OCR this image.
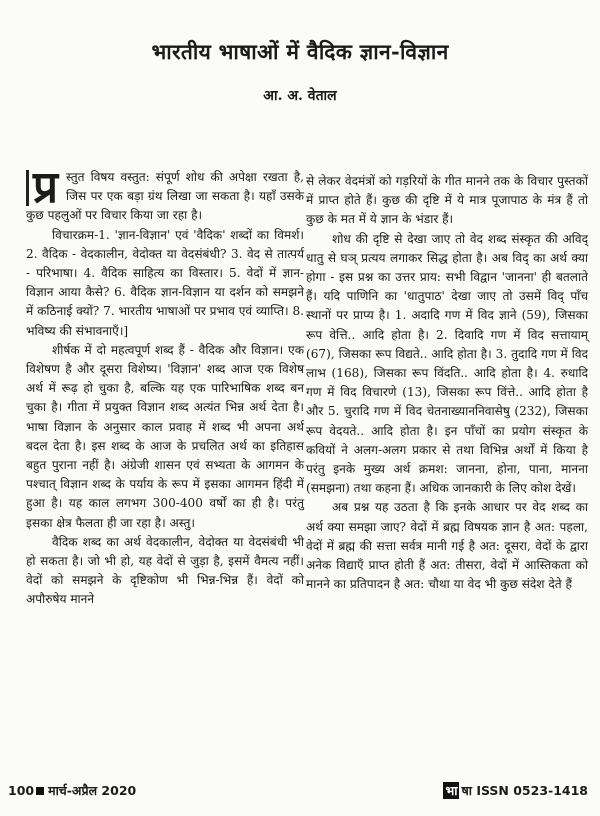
भारतीय भाषाओं में वैदिक ज्ञान-विज्ञान
आ. अ. वेताल

प्र स्तुत विषय वस्तुत: संपूर्ण शोध की अपेक्षा रखता है, जिस पर एक बड़ा ग्रंथ लिखा जा सकता है। यहाँ उसके कुछ पहलुओं पर विचार किया जा रहा है।

विचारक्रम-1. 'ज्ञान-विज्ञान' एवं 'वैदिक' शब्दों का विमर्श। 2. वैदिक - वेदकालीन, वेदोक्त या वेदसंबंधी? 3. वेद से तात्पर्य - परिभाषा। 4. वैदिक साहित्य का विस्तार। 5. वेदों में ज्ञान-विज्ञान आया कैसे? 6. वैदिक ज्ञान-विज्ञान या दर्शन को समझने में कठिनाई क्यों? 7. भारतीय भाषाओं पर प्रभाव एवं व्याप्ति। 8. भविष्य की संभावनाएँ।]

शीर्षक में दो महत्वपूर्ण शब्द हैं - वैदिक और विज्ञान। एक विशेषण है और दूसरा विशेष्य। 'विज्ञान' शब्द आज एक विशेष अर्थ में रूढ़ हो चुका है, बल्कि यह एक पारिभाषिक शब्द बन चुका है। गीता में प्रयुक्त विज्ञान शब्द अत्यंत भिन्न अर्थ देता है। भाषा विज्ञान के अनुसार काल प्रवाह में शब्द भी अपना अर्थ बदल देता है। इस शब्द के आज के प्रचलित अर्थ का इतिहास बहुत पुराना नहीं है। अंग्रेजी शासन एवं सभ्यता के आगमन के पश्चात् विज्ञान शब्द के पर्याय के रूप में इसका आगमन हिंदी में हुआ है। यह काल लगभग 300-400 वर्षों का ही है। परंतु इसका क्षेत्र फैलता ही जा रहा है। अस्तु।

वैदिक शब्द का अर्थ वेदकालीन, वेदोक्त या वेदसंबंधी भी हो सकता है। जो भी हो, यह वेदों से जुड़ा है, इसमें वैमत्य नहीं। वेदों को समझने के दृष्टिकोण भी भिन्न-भिन्न हैं। वेदों को अपौरुषेय मानने

से लेकर वेदमंत्रों को गड़रियों के गीत मानने तक के विचार पुस्तकों में प्राप्त होते हैं। कुछ की दृष्टि में ये मात्र पूजापाठ के मंत्र हैं तो कुछ के मत में ये ज्ञान के भंडार हैं।

शोध की दृष्टि से देखा जाए तो वेद शब्द संस्कृत की अविद् धातु से घञ् प्रत्यय लगाकर सिद्ध होता है। अब विद् का अर्थ क्या होगा - इस प्रश्न का उत्तर प्राय: सभी विद्वान 'जानना' ही बतलाते हैं। यदि पाणिनि का 'धातुपाठ' देखा जाए तो उसमें विद् पाँच स्थानों पर प्राप्य है। 1. अदादि गण में विद ज्ञाने (59), जिसका रूप वेत्ति.. आदि होता है। 2. दिवादि गण में विद सत्तायाम् (67), जिसका रूप विद्यते.. आदि होता है। 3. तुदादि गण में विद लाभ (168), जिसका रूप विंदति.. आदि होता है। 4. रुधादि गण में विद विचारणे (13), जिसका रूप विंत्ते.. आदि होता है और 5. चुरादि गण में विद चेतनाख्याननिवासेषु (232), जिसका रूप वेदयते.. आदि होता है। इन पाँचों का प्रयोग संस्कृत के कवियों ने अलग-अलग प्रकार से तथा विभिन्न अर्थों में किया है परंतु इनके मुख्य अर्थ क्रमश: जानना, होना, पाना, मानना (समझना) तथा कहना हैं। अधिक जानकारी के लिए कोश देखें।

अब प्रश्न यह उठता है कि इनके आधार पर वेद शब्द का अर्थ क्या समझा जाए? वेदों में ब्रह्म विषयक ज्ञान है अत: पहला, वेदों में ब्रह्म की सत्ता सर्वत्र मानी गई है अत: दूसरा, वेदों के द्वारा अनेक विद्याएँ प्राप्त होती हैं अत: तीसरा, वेदों में आस्तिकता को मानने का प्रतिपादन है अत: चौथा या वेद भी कुछ संदेश देते हैं

100 मार्च-अप्रैल 2020	भा षा ISSN 0523-1418
